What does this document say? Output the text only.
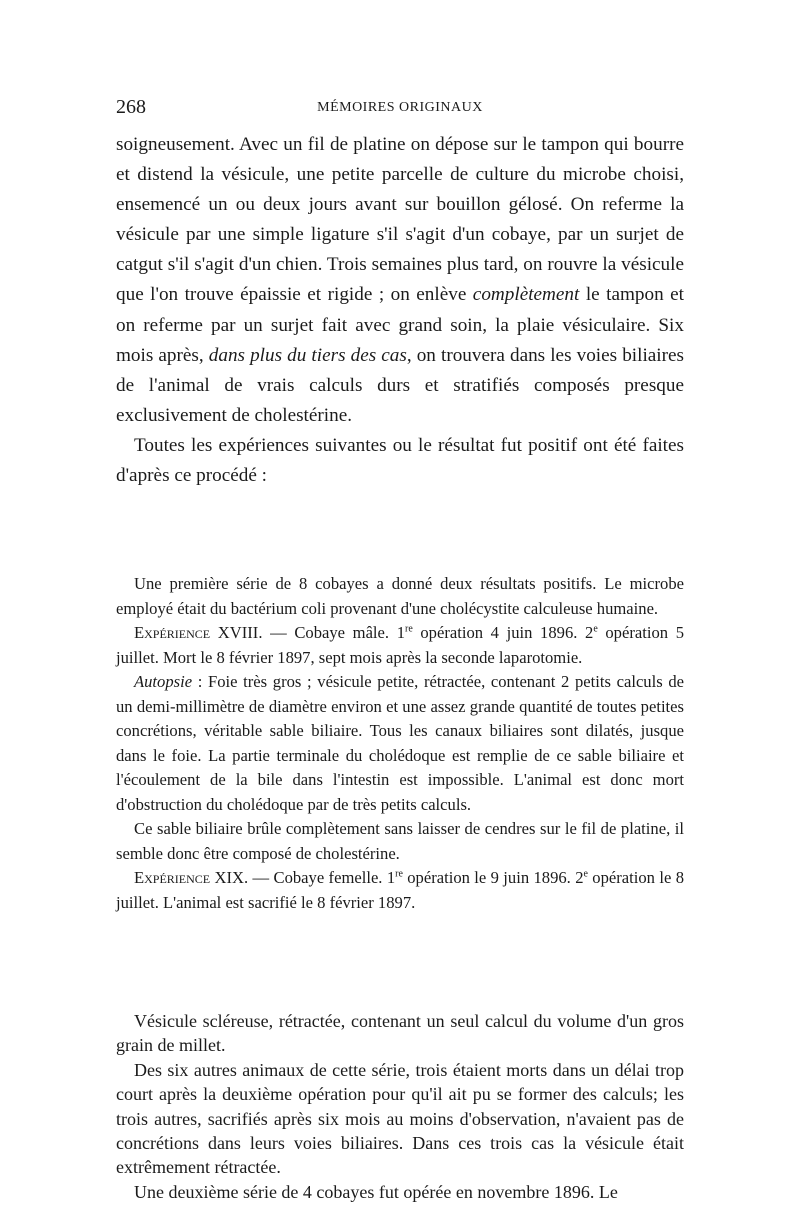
268	MÉMOIRES ORIGINAUX

soigneusement. Avec un fil de platine on dépose sur le tampon qui bourre et distend la vésicule, une petite parcelle de culture du microbe choisi, ensemencé un ou deux jours avant sur bouillon gélosé. On referme la vésicule par une simple ligature s'il s'agit d'un cobaye, par un surjet de catgut s'il s'agit d'un chien. Trois semaines plus tard, on rouvre la vésicule que l'on trouve épaissie et rigide ; on enlève complètement le tampon et on referme par un surjet fait avec grand soin, la plaie vésiculaire. Six mois après, dans plus du tiers des cas, on trouvera dans les voies biliaires de l'animal de vrais calculs durs et stratifiés composés presque exclusivement de cholestérine.

Toutes les expériences suivantes ou le résultat fut positif ont été faites d'après ce procédé :

Une première série de 8 cobayes a donné deux résultats positifs. Le microbe employé était du bactérium coli provenant d'une cholécystite calculeuse humaine.

Expérience XVIII. — Cobaye mâle. 1re opération 4 juin 1896. 2e opération 5 juillet. Mort le 8 février 1897, sept mois après la seconde laparotomie.

Autopsie : Foie très gros ; vésicule petite, rétractée, contenant 2 petits calculs de un demi-millimètre de diamètre environ et une assez grande quantité de toutes petites concrétions, véritable sable biliaire. Tous les canaux biliaires sont dilatés, jusque dans le foie. La partie terminale du cholédoque est remplie de ce sable biliaire et l'écoulement de la bile dans l'intestin est impossible. L'animal est donc mort d'obstruction du cholédoque par de très petits calculs.

Ce sable biliaire brûle complètement sans laisser de cendres sur le fil de platine, il semble donc être composé de cholestérine.

Expérience XIX. — Cobaye femelle. 1re opération le 9 juin 1896. 2e opération le 8 juillet. L'animal est sacrifié le 8 février 1897.

Vésicule scléreuse, rétractée, contenant un seul calcul du volume d'un gros grain de millet.

Des six autres animaux de cette série, trois étaient morts dans un délai trop court après la deuxième opération pour qu'il ait pu se former des calculs; les trois autres, sacrifiés après six mois au moins d'observation, n'avaient pas de concrétions dans leurs voies biliaires. Dans ces trois cas la vésicule était extrêmement rétractée.

Une deuxième série de 4 cobayes fut opérée en novembre 1896. Le
